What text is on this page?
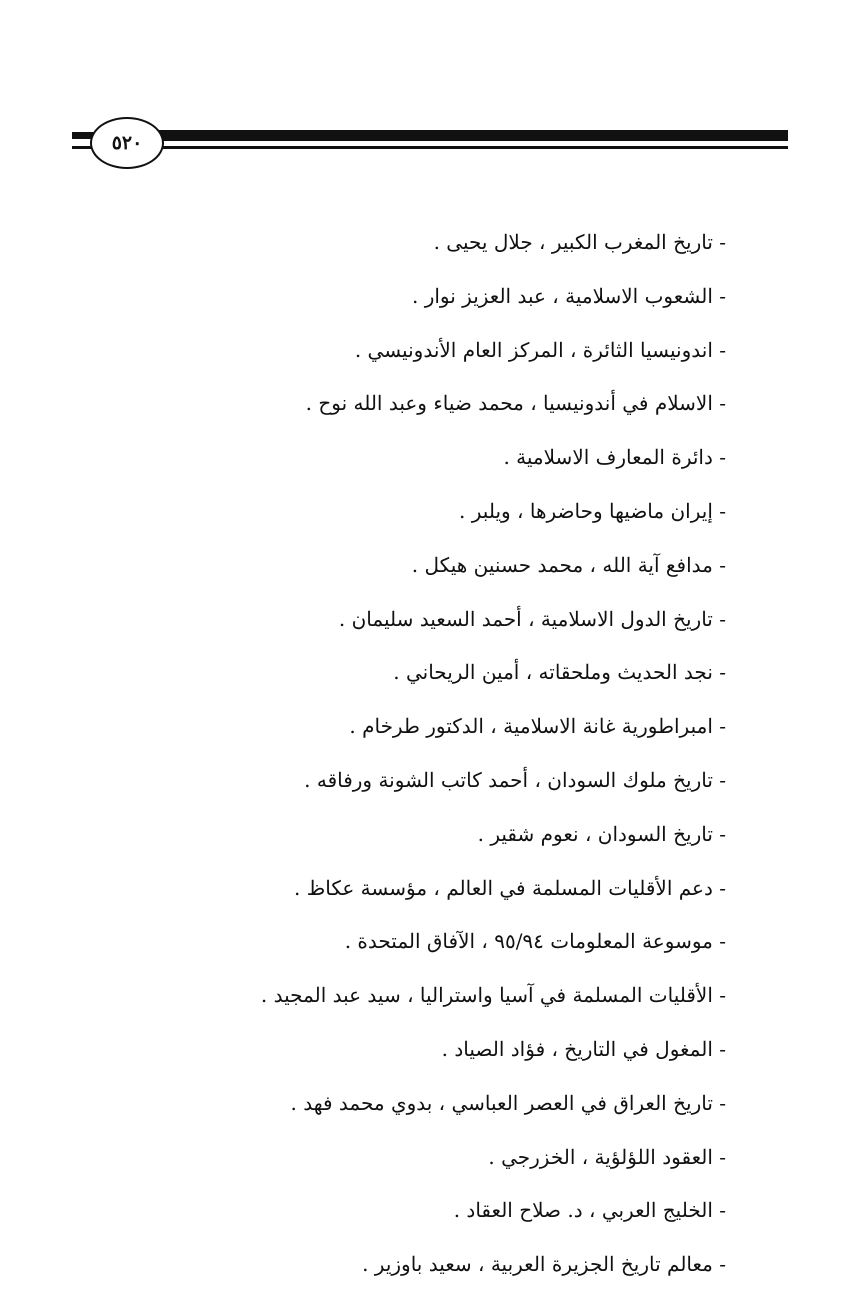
٥٢٠
- تاريخ المغرب الكبير ، جلال يحيى .
- الشعوب الاسلامية ، عبد العزيز نوار .
- اندونيسيا الثائرة ، المركز العام الأندونيسي .
- الاسلام في أندونيسيا ، محمد ضياء وعبد الله نوح .
- دائرة المعارف الاسلامية .
- إيران ماضيها وحاضرها ، ويلبر .
- مدافع آية الله ، محمد حسنين هيكل .
- تاريخ الدول الاسلامية ، أحمد السعيد سليمان .
- نجد الحديث وملحقاته ، أمين الريحاني .
- امبراطورية غانة الاسلامية ، الدكتور طرخام .
- تاريخ ملوك السودان ، أحمد كاتب الشونة ورفاقه .
- تاريخ السودان ، نعوم شقير .
- دعم الأقليات المسلمة في العالم ، مؤسسة عكاظ .
- موسوعة المعلومات ٩٥/٩٤ ، الآفاق المتحدة .
- الأقليات المسلمة في آسيا واستراليا ، سيد عبد المجيد .
- المغول في التاريخ ، فؤاد الصياد .
- تاريخ العراق في العصر العباسي ، بدوي محمد فهد .
- العقود اللؤلؤية ، الخزرجي .
- الخليج العربي ، د. صلاح العقاد .
- معالم تاريخ الجزيرة العربية ، سعيد باوزير .
